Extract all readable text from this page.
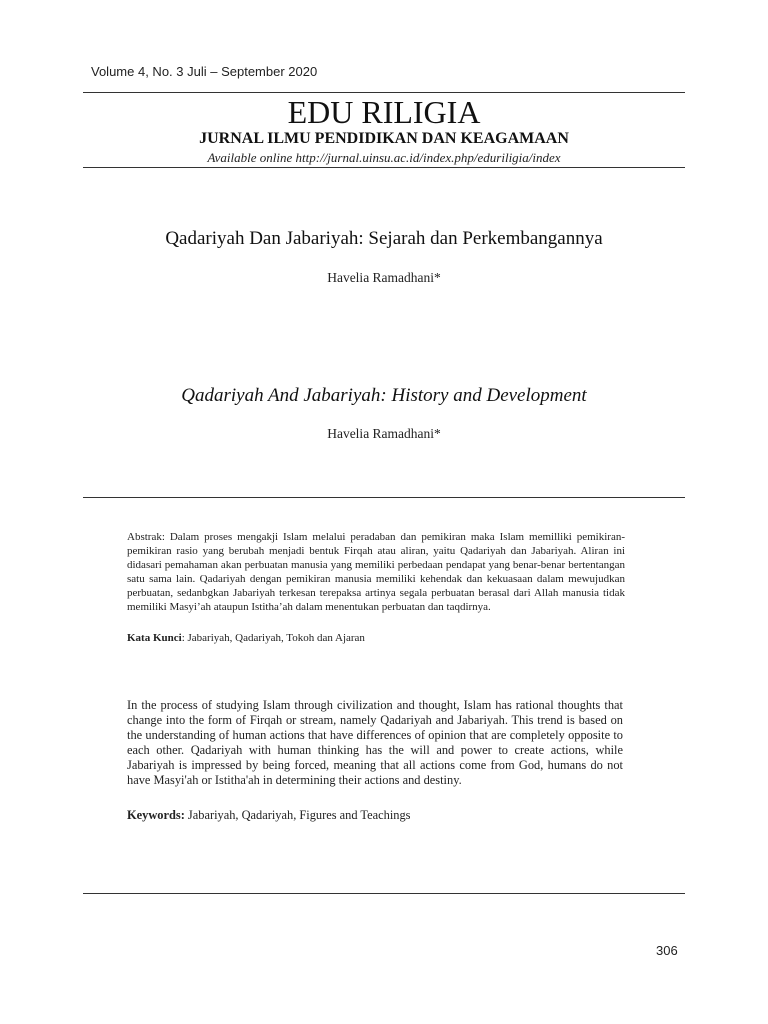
Volume 4, No. 3 Juli – September 2020
EDU RILIGIA
JURNAL ILMU PENDIDIKAN DAN KEAGAMAAN
Available online http://jurnal.uinsu.ac.id/index.php/eduriligia/index
Qadariyah Dan Jabariyah: Sejarah dan Perkembangannya
Havelia Ramadhani*
Qadariyah And Jabariyah: History and Development
Havelia Ramadhani*
Abstrak: Dalam proses mengakji Islam melalui peradaban dan pemikiran maka Islam memilliki pemikiran-pemikiran rasio yang berubah menjadi bentuk Firqah atau aliran, yaitu Qadariyah dan Jabariyah. Aliran ini didasari pemahaman akan perbuatan manusia yang memiliki perbedaan pendapat yang benar-benar bertentangan satu sama lain. Qadariyah dengan pemikiran manusia memiliki kehendak dan kekuasaan dalam mewujudkan perbuatan, sedanbgkan Jabariyah terkesan terepaksa artinya segala perbuatan berasal dari Allah manusia tidak memiliki Masyi’ah ataupun Istitha’ah dalam menentukan perbuatan dan taqdirnya.
Kata Kunci: Jabariyah, Qadariyah, Tokoh dan Ajaran
In the process of studying Islam through civilization and thought, Islam has rational thoughts that change into the form of Firqah or stream, namely Qadariyah and Jabariyah. This trend is based on the understanding of human actions that have differences of opinion that are completely opposite to each other. Qadariyah with human thinking has the will and power to create actions, while Jabariyah is impressed by being forced, meaning that all actions come from God, humans do not have Masyi'ah or Istitha'ah in determining their actions and destiny.
Keywords: Jabariyah, Qadariyah, Figures and Teachings
306
